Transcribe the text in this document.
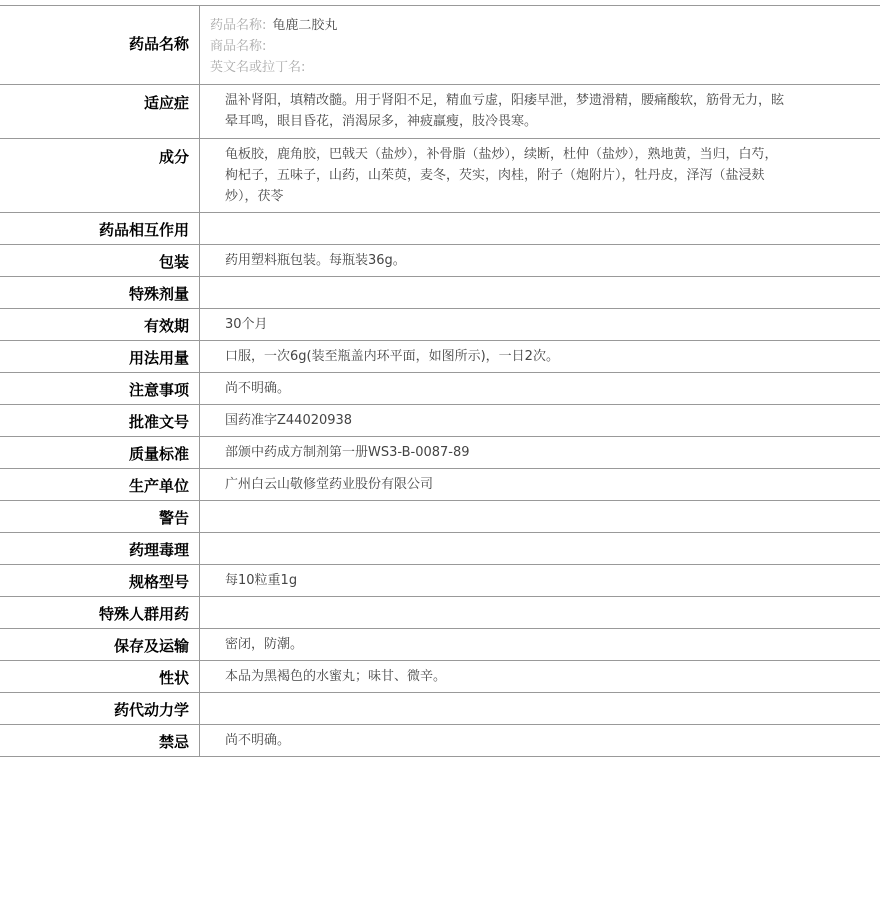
药品名称
药品名称: 龟鹿二胶丸
商品名称:
英文名或拉丁名:
适应症	温补肾阳，填精改髓。用于肾阳不足，精血亏虚，阳痿早泄，梦遗滑精，腰痛酸软，筋骨无力，眩晕耳鸣，眼目昏花，消渴尿多，神疲羸瘦，肢冷畏寒。
成分	龟板胶，鹿角胶，巴戟天（盐炒），补骨脂（盐炒），续断，杜仲（盐炒），熟地黄，当归，白芍，枸杞子，五味子，山药，山茱萸，麦冬，芡实，肉桂，附子（炮附片），牡丹皮，泽泻（盐浸麸炒），茯苓
药品相互作用
包装	药用塑料瓶包装。每瓶装36g。
特殊剂量
有效期	30个月
用法用量	口服，一次6g(装至瓶盖内环平面，如图所示)，一日2次。
注意事项	尚不明确。
批准文号	国药准字Z44020938
质量标准	部颁中药成方制剂第一册WS3-B-0087-89
生产单位	广州白云山敬修堂药业股份有限公司
警告
药理毒理
规格型号	每10粒重1g
特殊人群用药
保存及运输	密闭，防潮。
性状	本品为黑褐色的水蜜丸；味甘、微辛。
药代动力学
禁忌	尚不明确。
